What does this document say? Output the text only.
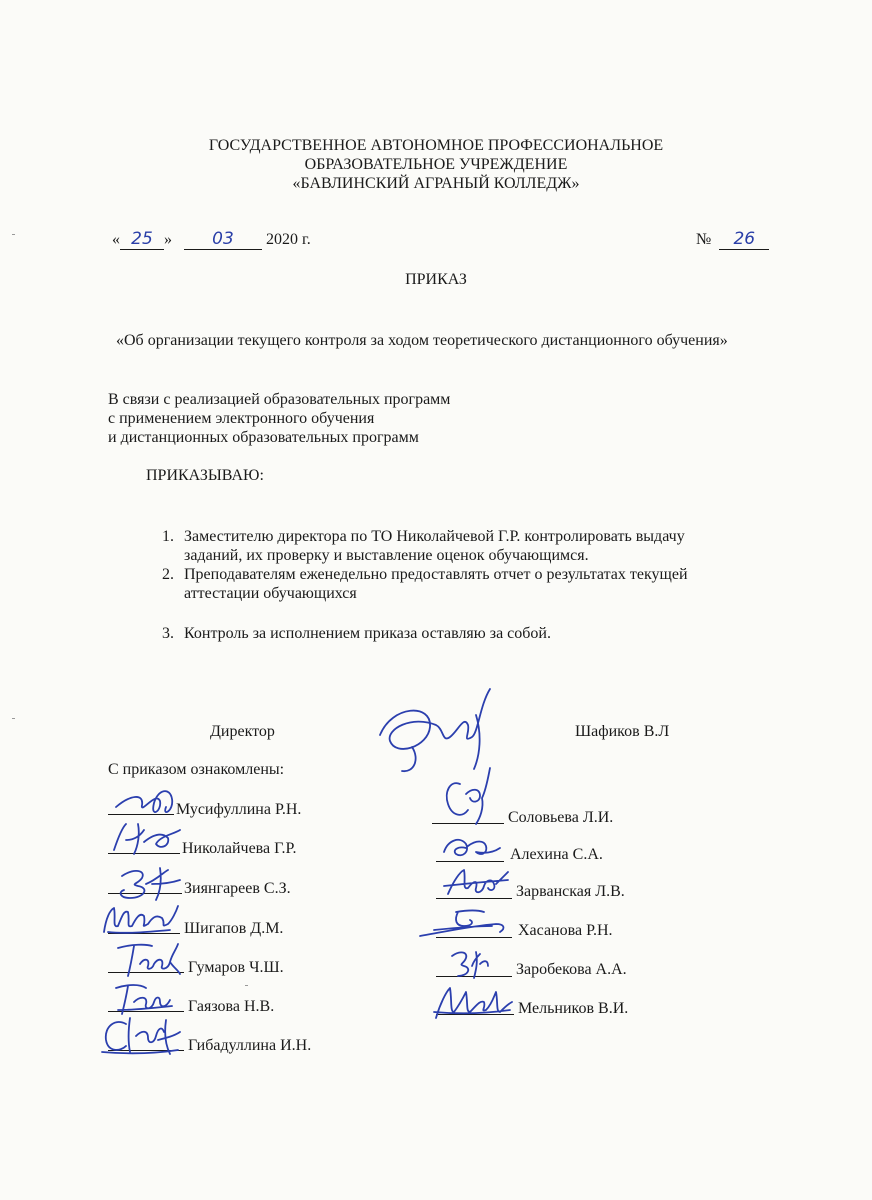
ГОСУДАРСТВЕННОЕ АВТОНОМНОЕ ПРОФЕССИОНАЛЬНОЕ
ОБРАЗОВАТЕЛЬНОЕ УЧРЕЖДЕНИЕ
«БАВЛИНСКИЙ АГРАНЫЙ КОЛЛЕДЖ»
« 25 » 03 2020 г.	№ 26
ПРИКАЗ
«Об организации текущего контроля за ходом теоретического дистанционного обучения»
В связи с реализацией образовательных программ
с применением электронного обучения
и дистанционных образовательных программ
ПРИКАЗЫВАЮ:
1. Заместителю директора по ТО Николайчевой Г.Р. контролировать выдачу
заданий, их проверку и выставление оценок обучающимся.
2. Преподавателям еженедельно предоставлять отчет о результатах текущей
аттестации обучающихся
3. Контроль за исполнением приказа оставляю за собой.
Директор	Шафиков В.Л
С приказом ознакомлены:
Мусифуллина Р.Н.
Николайчева Г.Р.
Зиянгареев С.З.
Шигапов Д.М.
Гумаров Ч.Ш.
Гаязова Н.В.
Гибадуллина И.Н.
Соловьева Л.И.
Алехина С.А.
Зарванская Л.В.
Хасанова Р.Н.
Заробекова А.А.
Мельников В.И.
